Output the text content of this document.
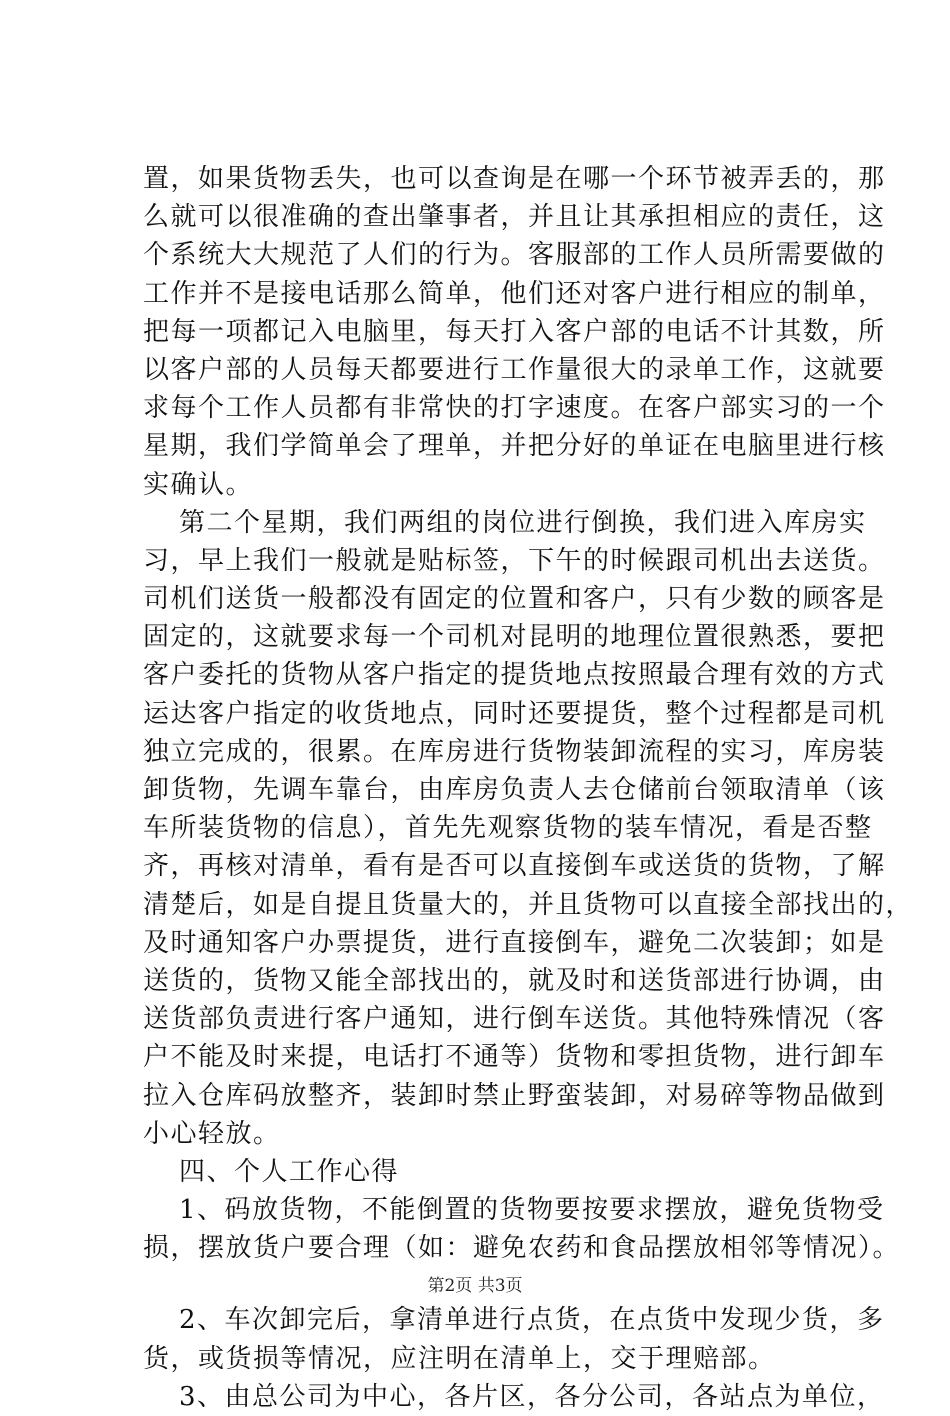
置，如果货物丢失，也可以查询是在哪一个环节被弄丢的，那
么就可以很准确的查出肇事者，并且让其承担相应的责任，这
个系统大大规范了人们的行为。客服部的工作人员所需要做的
工作并不是接电话那么简单，他们还对客户进行相应的制单，
把每一项都记入电脑里，每天打入客户部的电话不计其数，所
以客户部的人员每天都要进行工作量很大的录单工作，这就要
求每个工作人员都有非常快的打字速度。在客户部实习的一个
星期，我们学简单会了理单，并把分好的单证在电脑里进行核
实确认。
第二个星期，我们两组的岗位进行倒换，我们进入库房实
习，早上我们一般就是贴标签，下午的时候跟司机出去送货。
司机们送货一般都没有固定的位置和客户，只有少数的顾客是
固定的，这就要求每一个司机对昆明的地理位置很熟悉，要把
客户委托的货物从客户指定的提货地点按照最合理有效的方式
运达客户指定的收货地点，同时还要提货，整个过程都是司机
独立完成的，很累。在库房进行货物装卸流程的实习，库房装
卸货物，先调车靠台，由库房负责人去仓储前台领取清单（该
车所装货物的信息），首先先观察货物的装车情况，看是否整
齐，再核对清单，看有是否可以直接倒车或送货的货物，了解
清楚后，如是自提且货量大的，并且货物可以直接全部找出的，
及时通知客户办票提货，进行直接倒车，避免二次装卸；如是
送货的，货物又能全部找出的，就及时和送货部进行协调，由
送货部负责进行客户通知，进行倒车送货。其他特殊情况（客
户不能及时来提，电话打不通等）货物和零担货物，进行卸车
拉入仓库码放整齐，装卸时禁止野蛮装卸，对易碎等物品做到
小心轻放。
四、个人工作心得
1、码放货物，不能倒置的货物要按要求摆放，避免货物受
损，摆放货户要合理（如：避免农药和食品摆放相邻等情况）。
2、车次卸完后，拿清单进行点货，在点货中发现少货，多
货，或货损等情况，应注明在清单上，交于理赔部。
3、由总公司为中心，各片区，各分公司，各站点为单位，
第2页 共3页
